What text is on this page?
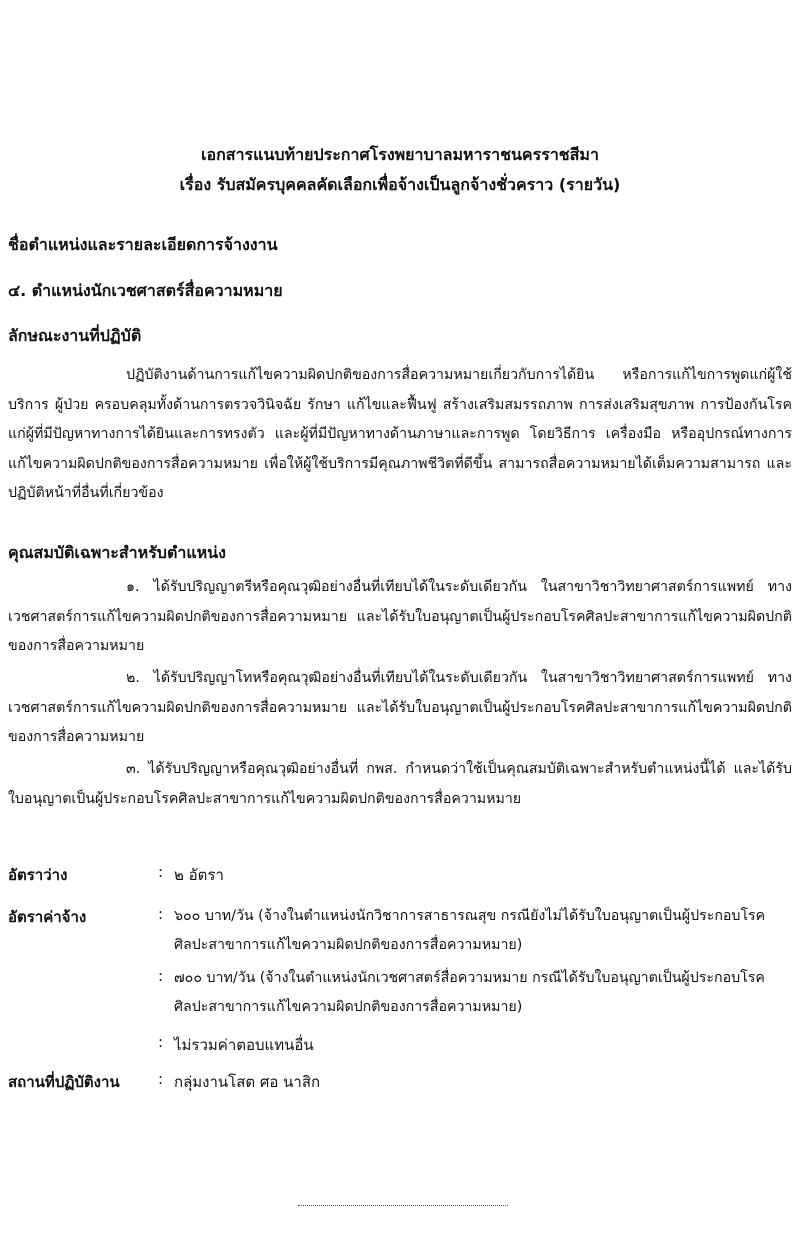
เอกสารแนบท้ายประกาศโรงพยาบาลมหาราชนครราชสีมา
เรื่อง รับสมัครบุคคลคัดเลือกเพื่อจ้างเป็นลูกจ้างชั่วคราว (รายวัน)
ชื่อตำแหน่งและรายละเอียดการจ้างงาน
๔. ตำแหน่งนักเวชศาสตร์สื่อความหมาย
ลักษณะงานที่ปฏิบัติ
ปฏิบัติงานด้านการแก้ไขความผิดปกติของการสื่อความหมายเกี่ยวกับการได้ยิน หรือการแก้ไขการพูดแก่ผู้ใช้บริการ ผู้ป่วย ครอบคลุมทั้งด้านการตรวจวินิจฉัย รักษา แก้ไขและฟื้นฟู สร้างเสริมสมรรถภาพ การส่งเสริมสุขภาพ การป้องกันโรคแก่ผู้ที่มีปัญหาทางการได้ยินและการทรงตัว และผู้ที่มีปัญหาทางด้านภาษาและการพูด โดยวิธีการ เครื่องมือ หรืออุปกรณ์ทางการแก้ไขความผิดปกติของการสื่อความหมาย เพื่อให้ผู้ใช้บริการมีคุณภาพชีวิตที่ดีขึ้น สามารถสื่อความหมายได้เต็มความสามารถ และปฏิบัติหน้าที่อื่นที่เกี่ยวข้อง
คุณสมบัติเฉพาะสำหรับตำแหน่ง
๑. ได้รับปริญญาตรีหรือคุณวุฒิอย่างอื่นที่เทียบได้ในระดับเดียวกัน ในสาขาวิชาวิทยาศาสตร์การแพทย์ ทางเวชศาสตร์การแก้ไขความผิดปกติของการสื่อความหมาย และได้รับใบอนุญาตเป็นผู้ประกอบโรคศิลปะสาขาการแก้ไขความผิดปกติของการสื่อความหมาย
๒. ได้รับปริญญาโทหรือคุณวุฒิอย่างอื่นที่เทียบได้ในระดับเดียวกัน ในสาขาวิชาวิทยาศาสตร์การแพทย์ ทางเวชศาสตร์การแก้ไขความผิดปกติของการสื่อความหมาย และได้รับใบอนุญาตเป็นผู้ประกอบโรคศิลปะสาขาการแก้ไขความผิดปกติของการสื่อความหมาย
๓. ได้รับปริญญาหรือคุณวุฒิอย่างอื่นที่ กพส. กำหนดว่าใช้เป็นคุณสมบัติเฉพาะสำหรับตำแหน่งนี้ได้ และได้รับใบอนุญาตเป็นผู้ประกอบโรคศิลปะสาขาการแก้ไขความผิดปกติของการสื่อความหมาย
อัตราว่าง	: ๒ อัตรา
อัตราค่าจ้าง	: ๖๐๐ บาท/วัน (จ้างในตำแหน่งนักวิชาการสาธารณสุข กรณียังไม่ได้รับใบอนุญาตเป็นผู้ประกอบโรคศิลปะสาขาการแก้ไขความผิดปกติของการสื่อความหมาย)
: ๗๐๐ บาท/วัน (จ้างในตำแหน่งนักเวชศาสตร์สื่อความหมาย กรณีได้รับใบอนุญาตเป็นผู้ประกอบโรคศิลปะสาขาการแก้ไขความผิดปกติของการสื่อความหมาย)
: ไม่รวมค่าตอบแทนอื่น
สถานที่ปฏิบัติงาน	: กลุ่มงานโสต ศอ นาสิก
